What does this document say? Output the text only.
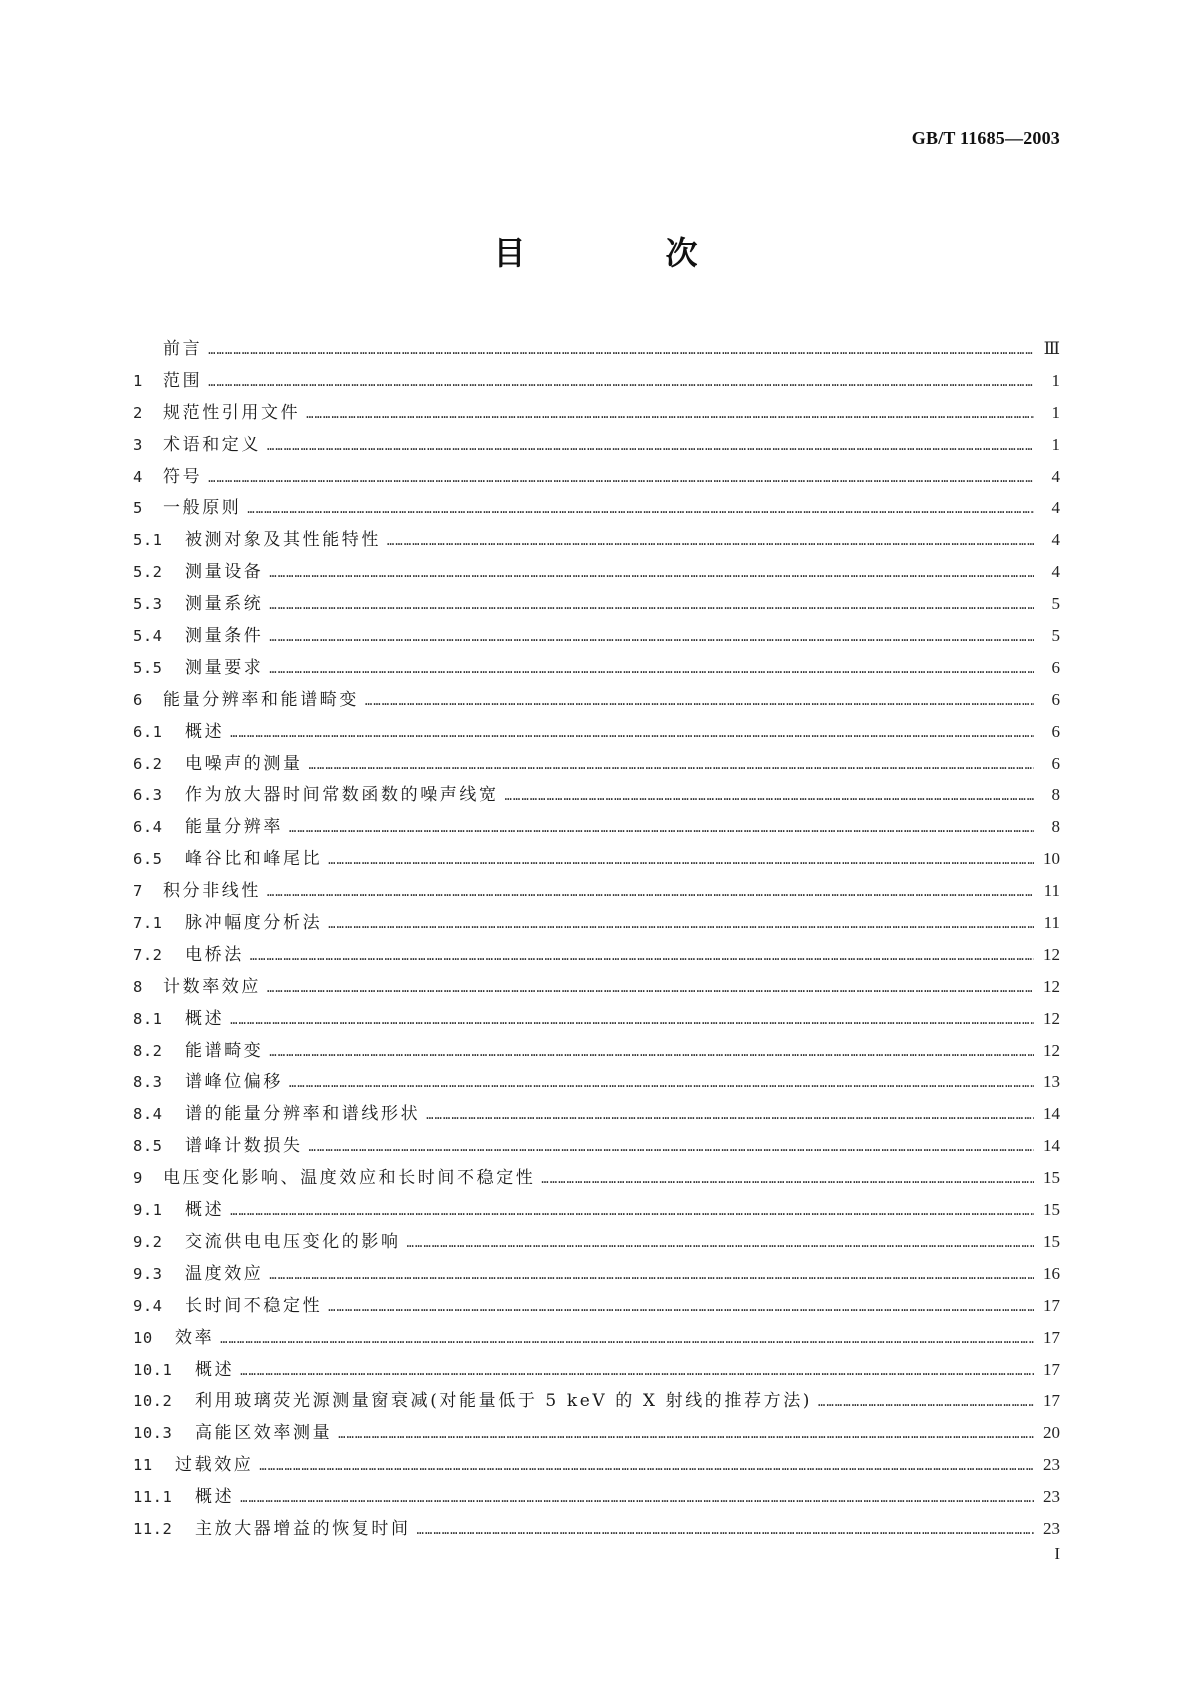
GB/T 11685—2003
目　次
前言 …………………………………………………………………………………………………………………………………………………………………………………………………………………………………………………………………………………	Ⅲ
1	范围 …………………………………………………………………………………………………………………………………………………………………………………………………………………………………………………………………………………	1
2	规范性引用文件 …………………………………………………………………………………………………………………………………………………………………………………………………………………………………………………………………………………	1
3	术语和定义 …………………………………………………………………………………………………………………………………………………………………………………………………………………………………………………………………………………	1
4	符号 …………………………………………………………………………………………………………………………………………………………………………………………………………………………………………………………………………………	4
5	一般原则 …………………………………………………………………………………………………………………………………………………………………………………………………………………………………………………………………………………	4
5.1	被测对象及其性能特性 …………………………………………………………………………………………………………………………………………………………………………………………………………………………………………………………………………………	4
5.2	测量设备 …………………………………………………………………………………………………………………………………………………………………………………………………………………………………………………………………………………	4
5.3	测量系统 …………………………………………………………………………………………………………………………………………………………………………………………………………………………………………………………………………………	5
5.4	测量条件 …………………………………………………………………………………………………………………………………………………………………………………………………………………………………………………………………………………	5
5.5	测量要求 …………………………………………………………………………………………………………………………………………………………………………………………………………………………………………………………………………………	6
6	能量分辨率和能谱畸变 …………………………………………………………………………………………………………………………………………………………………………………………………………………………………………………………………………………	6
6.1	概述 …………………………………………………………………………………………………………………………………………………………………………………………………………………………………………………………………………………	6
6.2	电噪声的测量 …………………………………………………………………………………………………………………………………………………………………………………………………………………………………………………………………………………	6
6.3	作为放大器时间常数函数的噪声线宽 …………………………………………………………………………………………………………………………………………………………………………………………………………………………………………………………………………………	8
6.4	能量分辨率 …………………………………………………………………………………………………………………………………………………………………………………………………………………………………………………………………………………	8
6.5	峰谷比和峰尾比 …………………………………………………………………………………………………………………………………………………………………………………………………………………………………………………………………………………	10
7	积分非线性 …………………………………………………………………………………………………………………………………………………………………………………………………………………………………………………………………………………	11
7.1	脉冲幅度分析法 …………………………………………………………………………………………………………………………………………………………………………………………………………………………………………………………………………………	11
7.2	电桥法 …………………………………………………………………………………………………………………………………………………………………………………………………………………………………………………………………………………	12
8	计数率效应 …………………………………………………………………………………………………………………………………………………………………………………………………………………………………………………………………………………	12
8.1	概述 …………………………………………………………………………………………………………………………………………………………………………………………………………………………………………………………………………………	12
8.2	能谱畸变 …………………………………………………………………………………………………………………………………………………………………………………………………………………………………………………………………………………	12
8.3	谱峰位偏移 …………………………………………………………………………………………………………………………………………………………………………………………………………………………………………………………………………………	13
8.4	谱的能量分辨率和谱线形状 …………………………………………………………………………………………………………………………………………………………………………………………………………………………………………………………………………………	14
8.5	谱峰计数损失 …………………………………………………………………………………………………………………………………………………………………………………………………………………………………………………………………………………	14
9	电压变化影响、温度效应和长时间不稳定性 …………………………………………………………………………………………………………………………………………………………………………………………………………………………………………………………………………………	15
9.1	概述 …………………………………………………………………………………………………………………………………………………………………………………………………………………………………………………………………………………	15
9.2	交流供电电压变化的影响 …………………………………………………………………………………………………………………………………………………………………………………………………………………………………………………………………………………	15
9.3	温度效应 …………………………………………………………………………………………………………………………………………………………………………………………………………………………………………………………………………………	16
9.4	长时间不稳定性 …………………………………………………………………………………………………………………………………………………………………………………………………………………………………………………………………………………	17
10	效率 …………………………………………………………………………………………………………………………………………………………………………………………………………………………………………………………………………………	17
10.1	概述 …………………………………………………………………………………………………………………………………………………………………………………………………………………………………………………………………………………	17
10.2	利用玻璃荧光源测量窗衰减(对能量低于 5 keV 的 X 射线的推荐方法) …………………………………………………………………………………………………………………………………………………………………………………………………………………………………………………………………………………	17
10.3	高能区效率测量 …………………………………………………………………………………………………………………………………………………………………………………………………………………………………………………………………………………	20
11	过载效应 …………………………………………………………………………………………………………………………………………………………………………………………………………………………………………………………………………………	23
11.1	概述 …………………………………………………………………………………………………………………………………………………………………………………………………………………………………………………………………………………	23
11.2	主放大器增益的恢复时间 …………………………………………………………………………………………………………………………………………………………………………………………………………………………………………………………………………………	23
I
